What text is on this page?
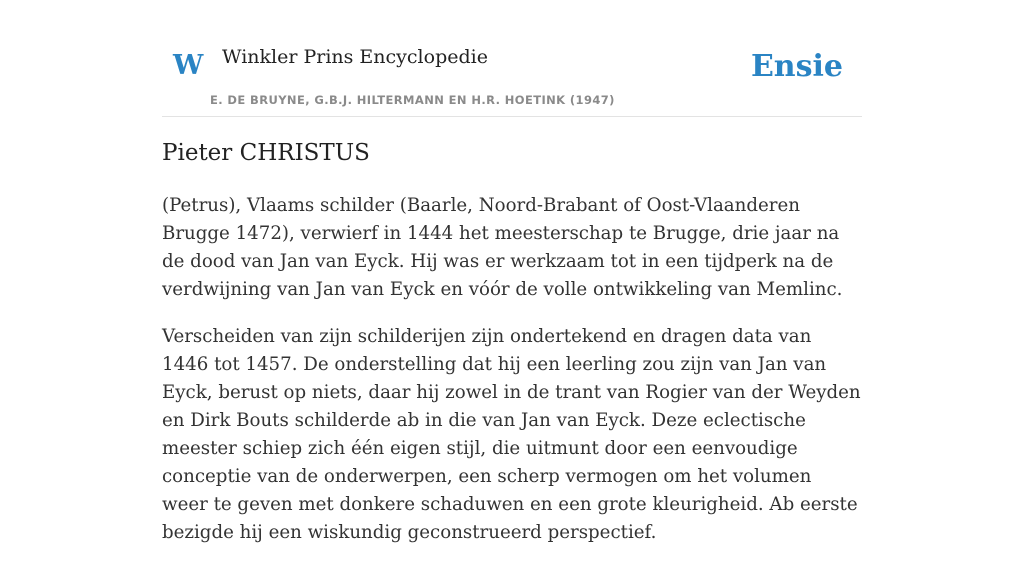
W Winkler Prins Encyclopedie
E. DE BRUYNE, G.B.J. HILTERMANN EN H.R. HOETINK (1947)
Ensie
Pieter CHRISTUS

(Petrus), Vlaams schilder (Baarle, Noord-Brabant of Oost-Vlaanderen Brugge 1472), verwierf in 1444 het meesterschap te Brugge, drie jaar na de dood van Jan van Eyck. Hij was er werkzaam tot in een tijdperk na de verdwijning van Jan van Eyck en vóór de volle ontwikkeling van Memlinc.

Verscheiden van zijn schilderijen zijn ondertekend en dragen data van 1446 tot 1457. De onderstelling dat hij een leerling zou zijn van Jan van Eyck, berust op niets, daar hij zowel in de trant van Rogier van der Weyden en Dirk Bouts schilderde ab in die van Jan van Eyck. Deze eclectische meester schiep zich één eigen stijl, die uitmunt door een eenvoudige conceptie van de onderwerpen, een scherp vermogen om het volumen weer te geven met donkere schaduwen en een grote kleurigheid. Ab eerste bezigde hij een wiskundig geconstrueerd perspectief.
